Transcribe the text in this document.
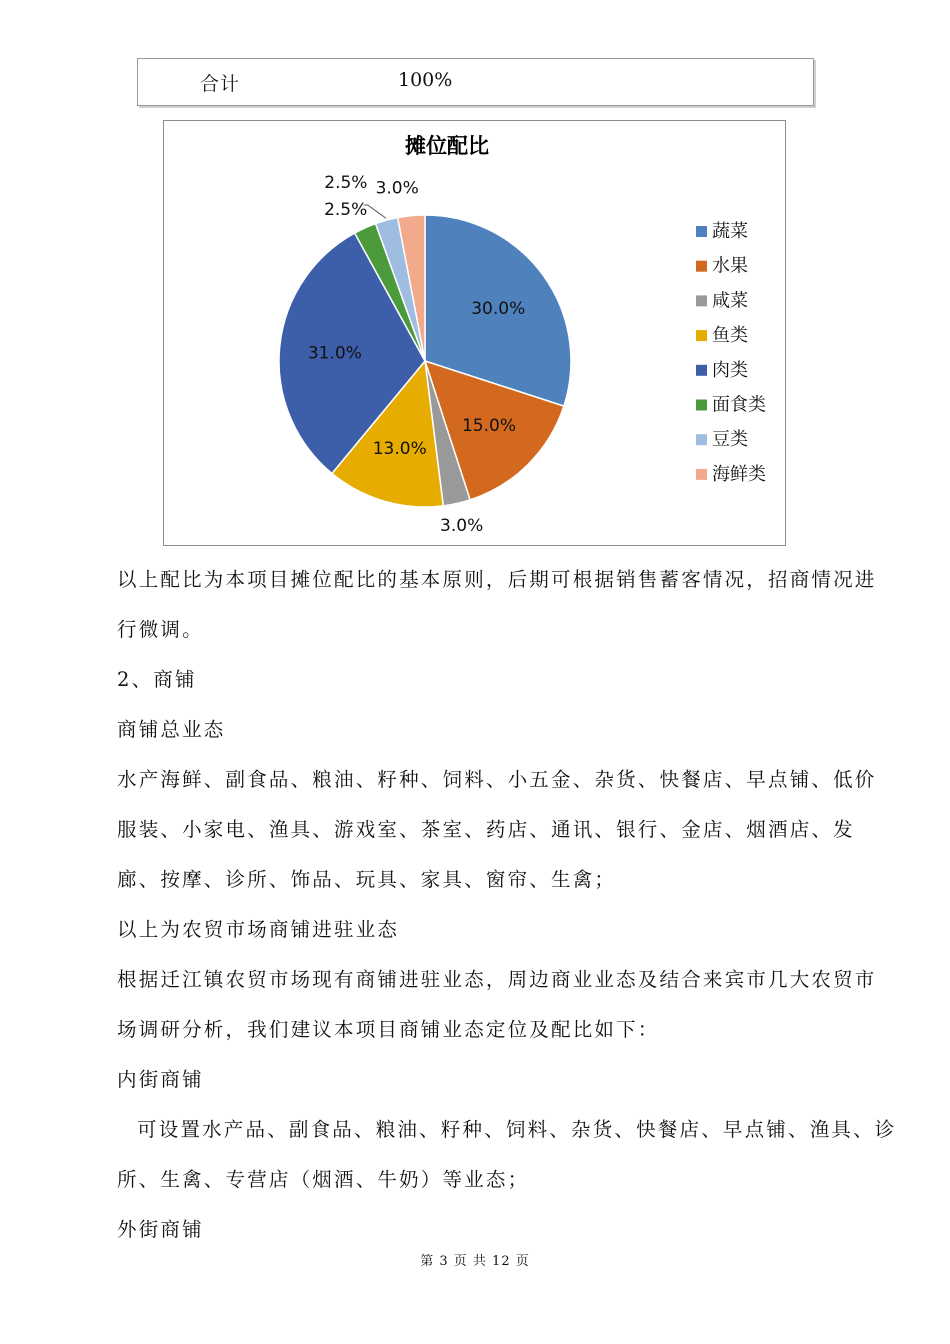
合计	100%
摊位配比
30.0%
15.0%
3.0%
13.0%
31.0%
2.5%
2.5%
3.0%
蔬菜
水果
咸菜
鱼类
肉类
面食类
豆类
海鲜类

以上配比为本项目摊位配比的基本原则，后期可根据销售蓄客情况，招商情况进行微调。

2、商铺

商铺总业态

水产海鲜、副食品、粮油、籽种、饲料、小五金、杂货、快餐店、早点铺、低价服装、小家电、渔具、游戏室、茶室、药店、通讯、银行、金店、烟酒店、发廊、按摩、诊所、饰品、玩具、家具、窗帘、生禽；

以上为农贸市场商铺进驻业态

根据迁江镇农贸市场现有商铺进驻业态，周边商业业态及结合来宾市几大农贸市场调研分析，我们建议本项目商铺业态定位及配比如下：

内街商铺

可设置水产品、副食品、粮油、籽种、饲料、杂货、快餐店、早点铺、渔具、诊所、生禽、专营店（烟酒、牛奶）等业态；

外街商铺

第 3 页 共 12 页
